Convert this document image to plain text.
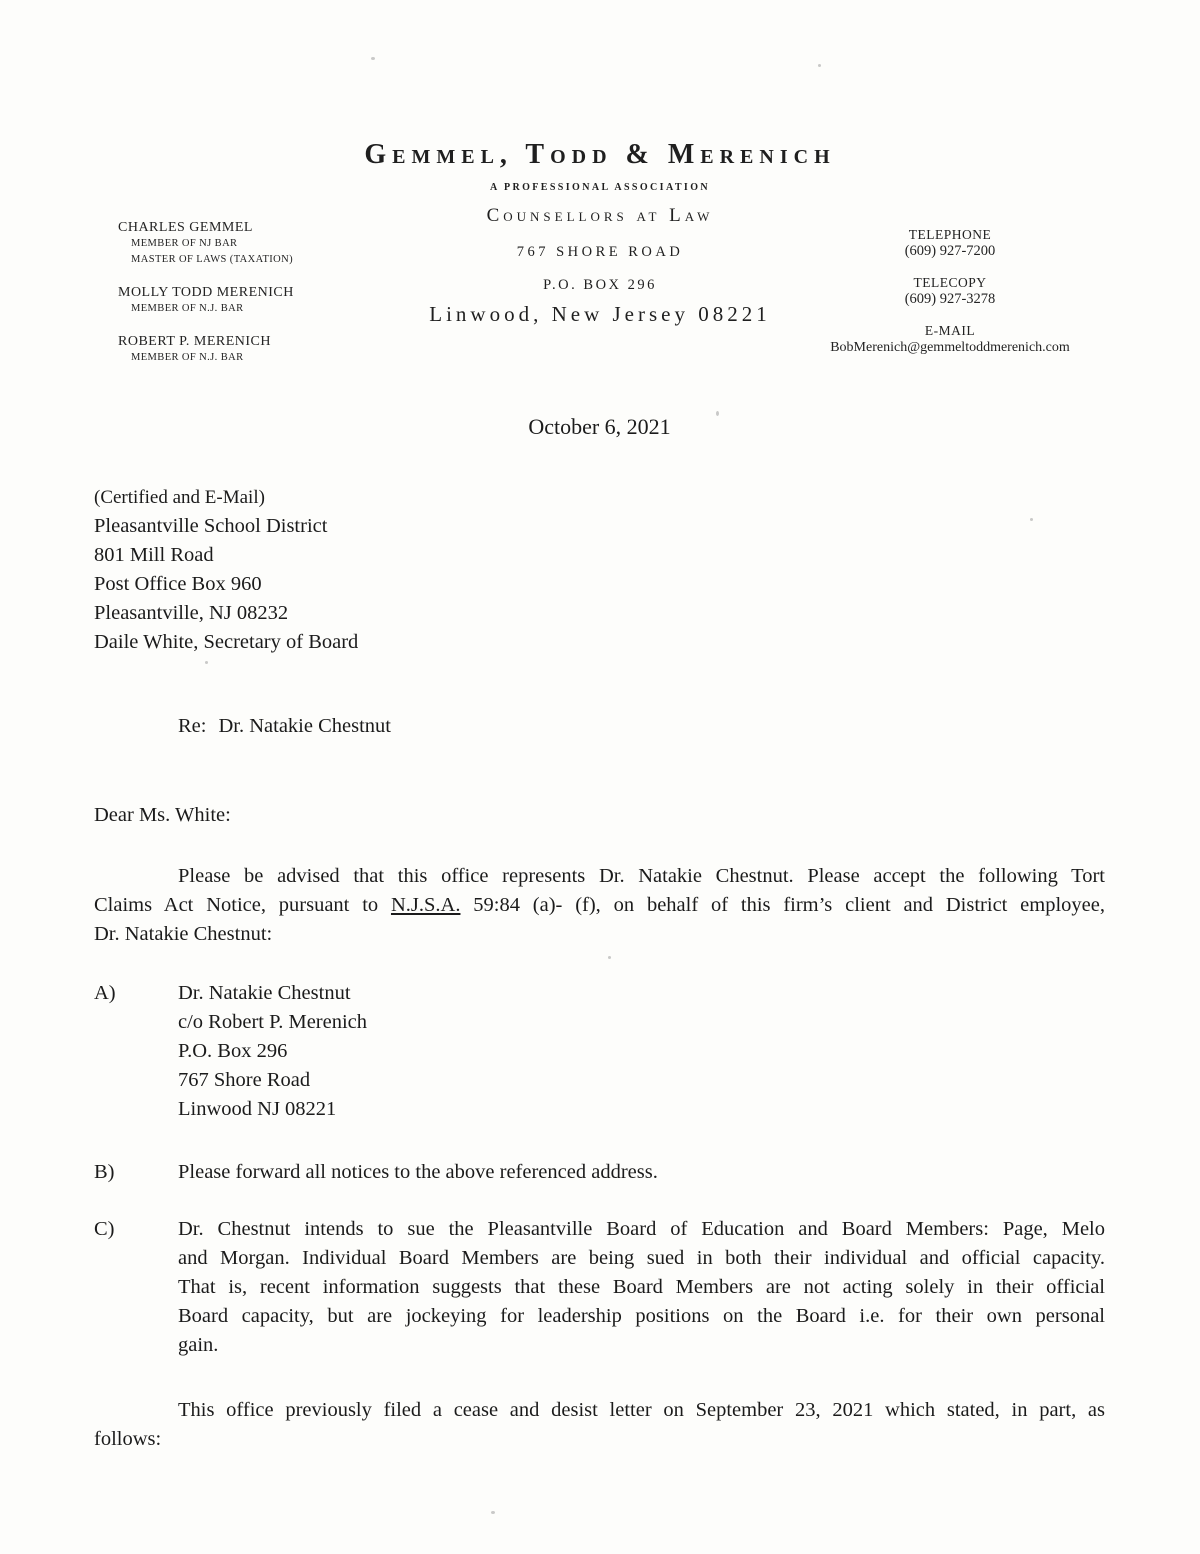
Gemmel, Todd & Merenich
A PROFESSIONAL ASSOCIATION
Counsellors at Law
767 SHORE ROAD
P.O. BOX 296
Linwood, New Jersey 08221
CHARLES GEMMEL
MEMBER OF NJ BAR
MASTER OF LAWS (TAXATION)
MOLLY TODD MERENICH
MEMBER OF N.J. BAR
ROBERT P. MERENICH
MEMBER OF N.J. BAR
TELEPHONE
(609) 927-7200
TELECOPY
(609) 927-3278
E-MAIL
BobMerenich@gemmeltoddmerenich.com
October 6, 2021
(Certified and E-Mail)
Pleasantville School District
801 Mill Road
Post Office Box 960
Pleasantville, NJ 08232
Daile White, Secretary of Board
Re: Dr. Natakie Chestnut
Dear Ms. White:
Please be advised that this office represents Dr. Natakie Chestnut. Please accept the following Tort
Claims Act Notice, pursuant to N.J.S.A. 59:84 (a)- (f), on behalf of this firm’s client and District employee,
Dr. Natakie Chestnut:
A)	Dr. Natakie Chestnut
c/o Robert P. Merenich
P.O. Box 296
767 Shore Road
Linwood NJ 08221
B)	Please forward all notices to the above referenced address.
C)	Dr. Chestnut intends to sue the Pleasantville Board of Education and Board Members: Page, Melo
and Morgan. Individual Board Members are being sued in both their individual and official capacity.
That is, recent information suggests that these Board Members are not acting solely in their official
Board capacity, but are jockeying for leadership positions on the Board i.e. for their own personal
gain.
This office previously filed a cease and desist letter on September 23, 2021 which stated, in part, as
follows:
